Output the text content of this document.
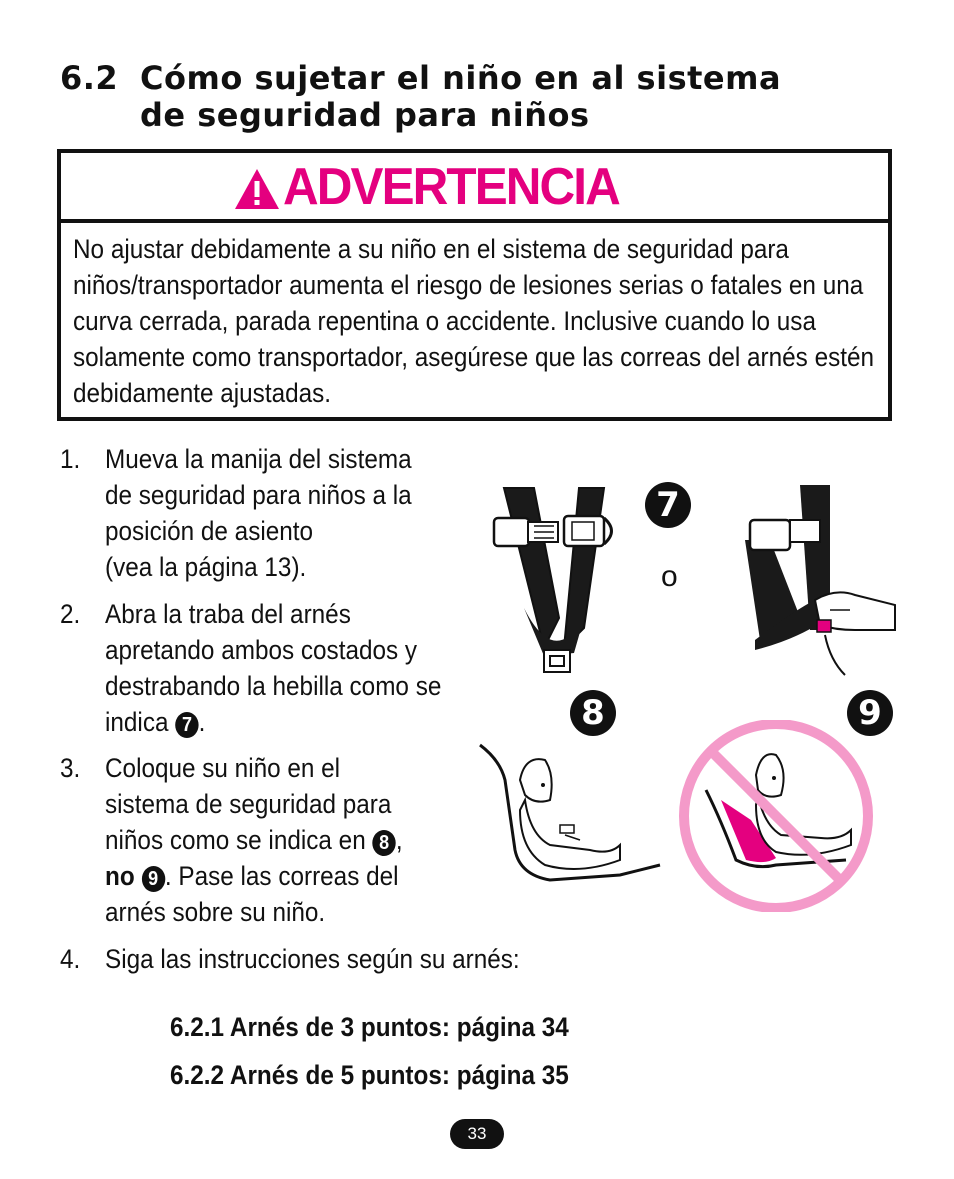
6.2 Cómo sujetar el niño en al sistema
de seguridad para niños
ADVERTENCIA
No ajustar debidamente a su niño en el sistema de seguridad para niños/transportador aumenta el riesgo de lesiones serias o fatales en una curva cerrada, parada repentina o accidente. Inclusive cuando lo usa solamente como transportador, asegúrese que las correas del arnés estén debidamente ajustadas.
1. Mueva la manija del sistema
de seguridad para niños a la
posición de asiento
(vea la página 13).
2. Abra la traba del arnés
apretando ambos costados y
destrabando la hebilla como se
indica 7 .
3. Coloque su niño en el
sistema de seguridad para
niños como se indica en 8 ,
no 9 . Pase las correas del
arnés sobre su niño.
4. Siga las instrucciones según su arnés:
7
o
8	9
6.2.1 Arnés de 3 puntos: página 34
6.2.2 Arnés de 5 puntos: página 35
33
